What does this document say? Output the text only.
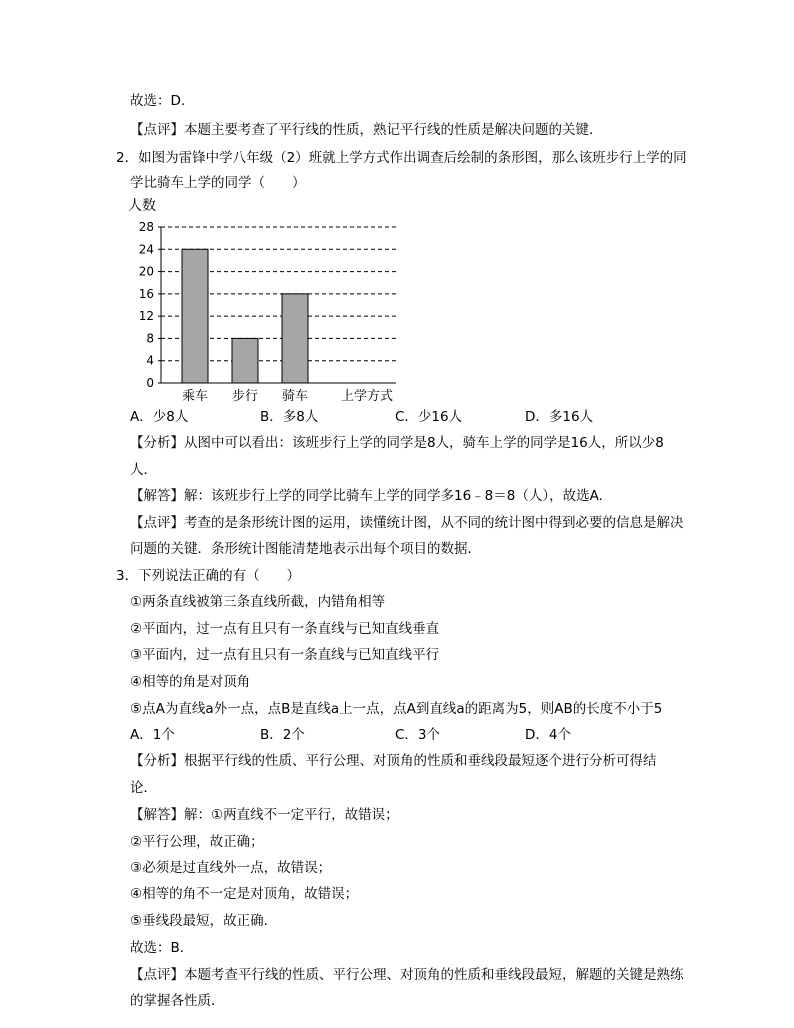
故选：D.
【点评】本题主要考查了平行线的性质，熟记平行线的性质是解决问题的关键．
2．如图为雷锋中学八年级（2）班就上学方式作出调查后绘制的条形图，那么该班步行上学的同
学比骑车上学的同学（　　）
人数
0
4
8
12
16
20
24
28
乘车 步行 骑车	上学方式
A．少8人	B．多8人	C．少16人	D．多16人
【分析】从图中可以看出：该班步行上学的同学是8人，骑车上学的同学是16人，所以少8
人．
【解答】解：该班步行上学的同学比骑车上学的同学多16﹣8＝8（人），故选A.
【点评】考查的是条形统计图的运用，读懂统计图，从不同的统计图中得到必要的信息是解决
问题的关键．条形统计图能清楚地表示出每个项目的数据．
3．下列说法正确的有（　　）
①两条直线被第三条直线所截，内错角相等
②平面内，过一点有且只有一条直线与已知直线垂直
③平面内，过一点有且只有一条直线与已知直线平行
④相等的角是对顶角
⑤点A为直线a外一点，点B是直线a上一点，点A到直线a的距离为5，则AB的长度不小于5
A．1个	B．2个	C．3个	D．4个
【分析】根据平行线的性质、平行公理、对顶角的性质和垂线段最短逐个进行分析可得结
论．
【解答】解：①两直线不一定平行，故错误；
②平行公理，故正确；
③必须是过直线外一点，故错误；
④相等的角不一定是对顶角，故错误；
⑤垂线段最短，故正确．
故选：B.
【点评】本题考查平行线的性质、平行公理、对顶角的性质和垂线段最短，解题的关键是熟练
的掌握各性质．
